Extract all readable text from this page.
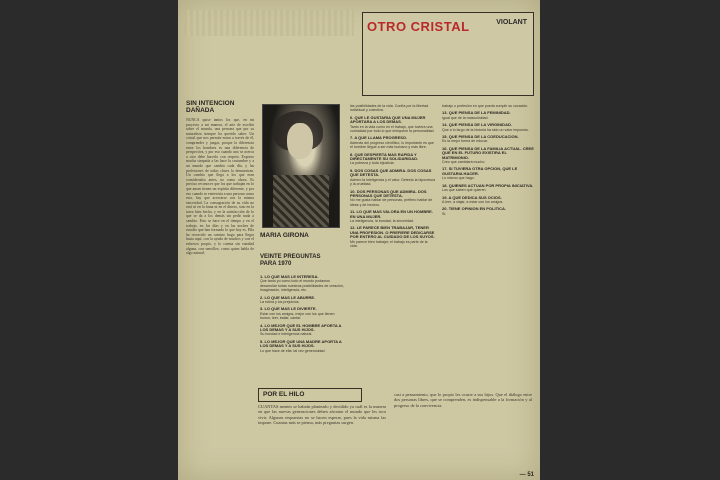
OTRO CRISTAL	VIOLANT
SIN INTENCION
DAÑADA
NUNCA quise tantos los que, en mi proyecto a mi manera, el arte de escribir sobre el mundo, una persona que por su naturaleza siempre ha querido saber. Un cristal que nos permite mirar a través de él, comprender y juzgar, porque la diferencia entre los hombres es una diferencia de perspectiva, y por eso cuando uno se acerca a otro debe hacerlo con respeto. Expreso mucha simpatía a las hace la costumbre y a un mundo que cambia cada día, y las profesiones de todas clases lo demuestran. Un cambio que llega a los que eran considerados antes, no como ahora. Es preciso reconocer que los que trabajan en lo que aman tienen un espíritu diferente, y por eso cuando se entrevista a una persona como esta, hay que acercarse con la misma sinceridad. La consagración de su vida no está ni en la fama ni en el dinero, sino en la tarea bien hecha, y en la satisfacción de lo que se da a los demás sin pedir nada a cambio. Esto se hace en el tiempo y en el trabajo, en los días y en las noches de estudio que han formado lo que hoy es. Ella ha recorrido un camino largo para llegar hasta aquí, con la ayuda de muchos y con el esfuerzo propio, y lo cuenta sin vanidad alguna, con sencillez, como quien habla de algo natural.
MARIA GIRONA
VEINTE PREGUNTAS
PARA 1970
1. LO QUE MAS LE INTERESA.
Que tanto yo como todo el mundo podamos desarrollar todas nuestras posibilidades de creación, imaginación, inteligencia, etc.
2. LO QUE MAS LE ABURRE.
La rutina y los prejuicios.
3. LO QUE MAS LE DIVIERTE.
Estar con los amigos, mejor con los que tienen humor, leer, bailar, cantar.
4. LO MEJOR QUE EL HOMBRE APORTA A LOS DEMAS Y A SUS HIJOS.
Su bondad e inteligencia natural.
5. LO MEJOR QUE UNA MADRE APORTA A LOS DEMAS Y A SUS HIJOS.
Lo que hace de ella: tal vez generosidad.
las posibilidades de la vida. Confía por la libertad individual y colectiva.
6. QUE LE GUSTARIA QUE UNA MUJER APORTARA A LOS DEMAS.
Tanto en la vida como en el trabajo, que tuviera una curiosidad por todo lo que enriquece la personalidad.
7. A QUE LLAMA PROGRESO.
Además del progreso científico, lo importante es que el hombre llegue a ser más humano y más libre.
8. QUE DESPIERTA MAS RAPIDA Y DIRECTAMENTE SU SOLIDARIDAD.
La pobreza y toda injusticia.
9. DOS COSAS QUE ADMIRA. DOS COSAS QUE DETESTA.
Admiro la inteligencia y el valor. Detesto la hipocresía y la crueldad.
10. DOS PERSONAS QUE ADMIRA. DOS PERSONAS QUE DETESTA.
No me gusta hablar de personas, prefiero hablar de ideas y de hechos.
11. LO QUE MAS VALORA EN UN HOMBRE. EN UNA MUJER.
La inteligencia, la bondad, la sinceridad.
12. LE PARECE BIEN TRABAJAR, TENER UNA PROFESION. O PREFIERE DEDICARSE POR ENTERO AL CUIDADO DE LOS SUYOS.
Me parece bien trabajar; el trabajo es parte de la vida.
trabajo o profesión en que pueda cumplir su vocación.
13. QUE PIENSA DE LA FEMINIDAD.
Igual que de la masculinidad.
14. QUE PIENSA DE LA VIRGINIDAD.
Que a lo largo de la historia ha sido un valor impuesto.
15. QUE PIENSA DE LA COEDUCACION.
Es la mejor forma de educar.
16. QUE PIENSA DE LA FAMILIA ACTUAL. CREE QUE EN EL FUTURO EXISTIRA EL MATRIMONIO.
Creo que cambiará mucho.
17. SI TUVIERA OTRA OPCION, QUE LE GUSTARIA HACER.
Lo mismo que hago.
18. QUIENES ACTUAN POR PROPIA INICIATIVA.
Los que saben qué quieren.
19. A QUE DEDICA SUS OCIOS.
A leer, a viajar, a estar con los amigos.
20. TIENE OPINION EN POLITICA.
Sí.
POR EL HILO
CUANTAS mentes se habrán planteado y decidido ya cuál es la manera en que las nuevas generaciones deben afrontar el mundo que les toca vivir. Algunas respuestas no se hacen esperar, pues la vida misma las impone. Cuantas más se piensa, más preguntas surgen.
casi a pensamiento, que lo propio les ocurre a sus hijos. Que el diálogo entre dos personas libres, que se comprenden, es indispensable a la formación y al progreso de la convivencia.
— 51
